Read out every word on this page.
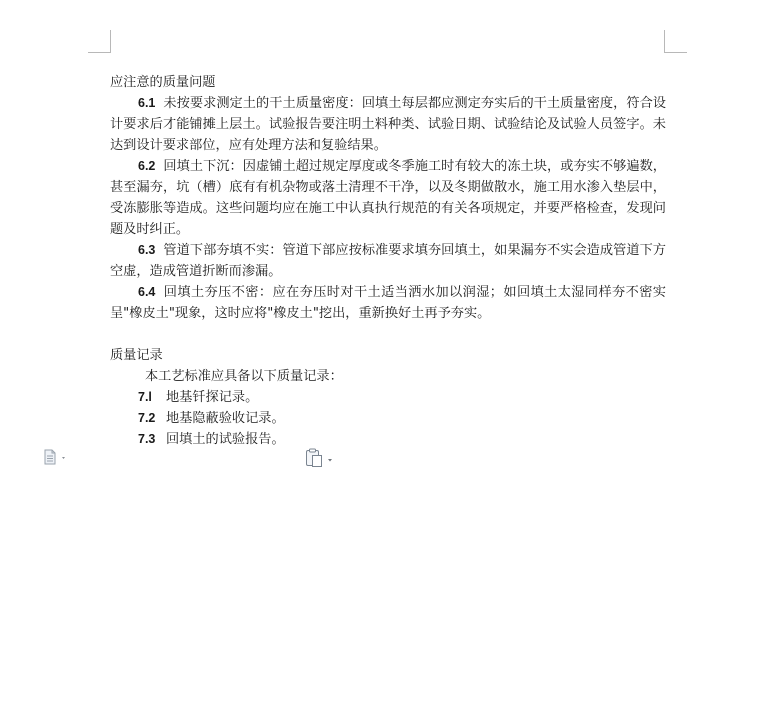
应注意的质量问题

6.1 未按要求测定土的干土质量密度：回填土每层都应测定夯实后的干土质量密度，符合设计要求后才能铺摊上层土。试验报告要注明土料种类、试验日期、试验结论及试验人员签字。未达到设计要求部位，应有处理方法和复验结果。

6.2 回填土下沉：因虚铺土超过规定厚度或冬季施工时有较大的冻土块，或夯实不够遍数，甚至漏夯，坑（槽）底有有机杂物或落土清理不干净，以及冬期做散水，施工用水渗入垫层中，受冻膨胀等造成。这些问题均应在施工中认真执行规范的有关各项规定，并要严格检查，发现问题及时纠正。

6.3 管道下部夯填不实：管道下部应按标准要求填夯回填土，如果漏夯不实会造成管道下方空虚，造成管道折断而渗漏。

6.4 回填土夯压不密：应在夯压时对干土适当洒水加以润湿；如回填土太湿同样夯不密实呈"橡皮土"现象，这时应将"橡皮土"挖出，重新换好土再予夯实。

质量记录

本工艺标准应具备以下质量记录：

7.l 地基钎探记录。

7.2 地基隐蔽验收记录。

7.3 回填土的试验报告。
